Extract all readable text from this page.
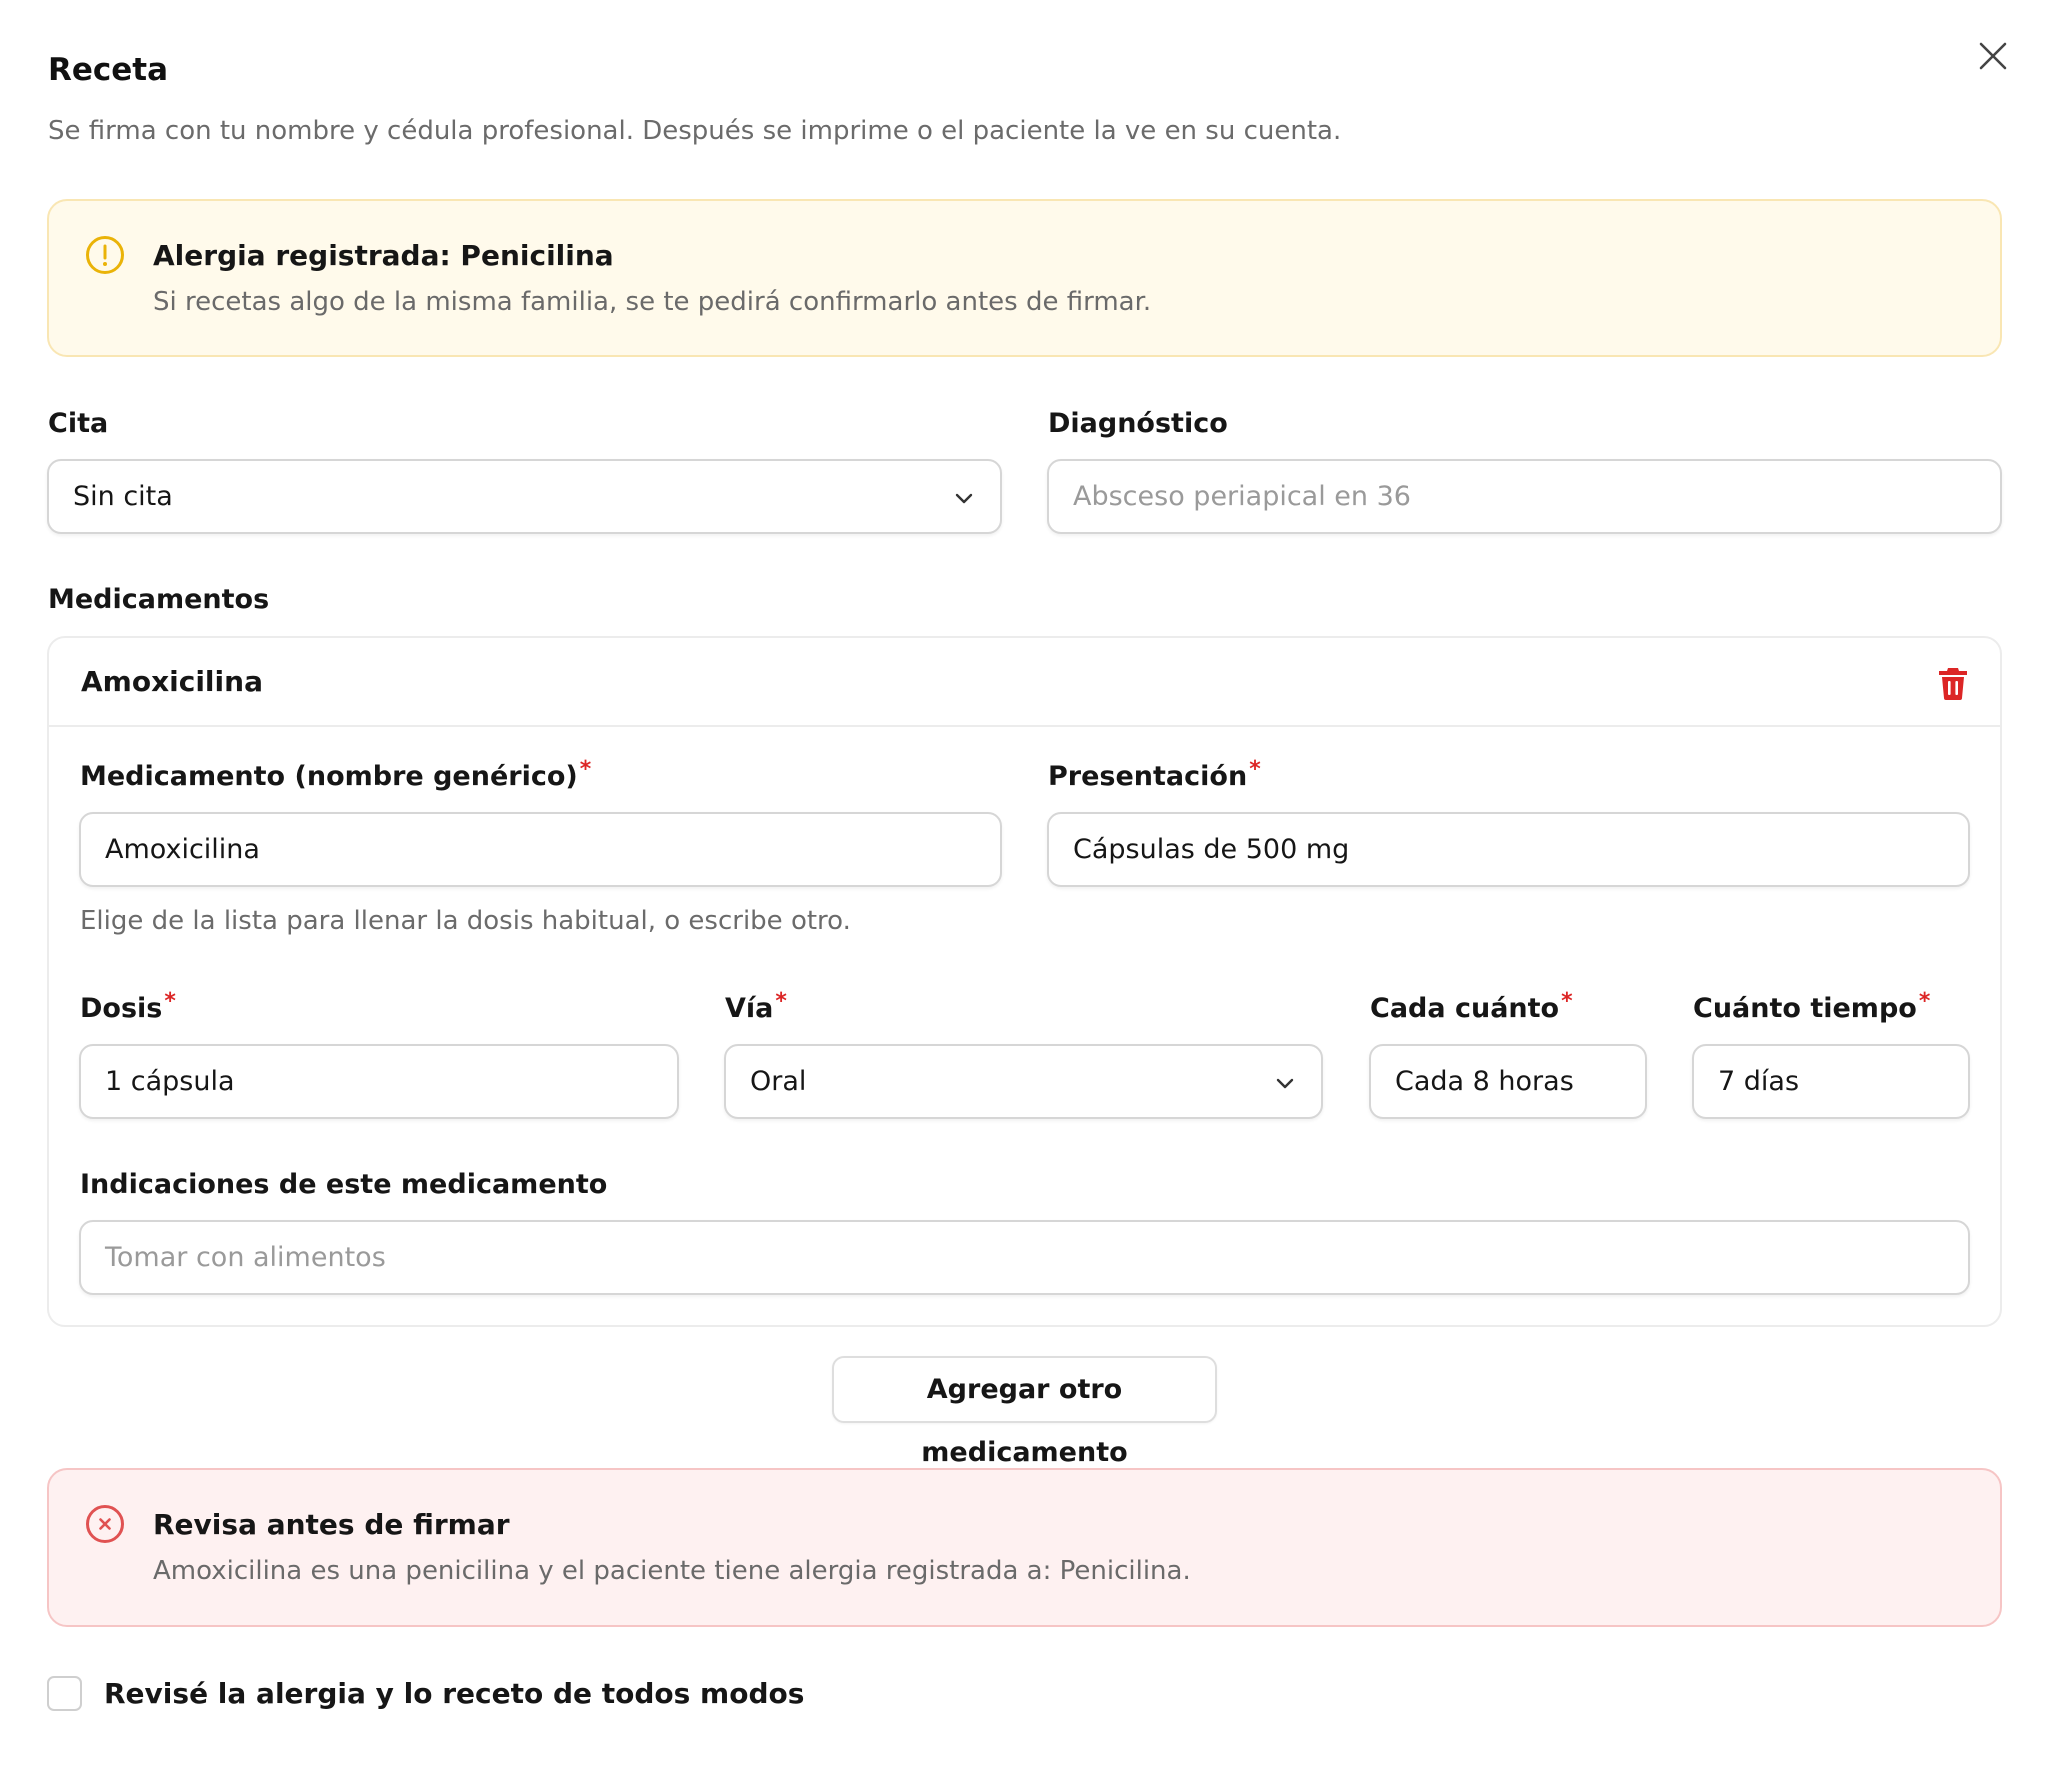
Receta
Se firma con tu nombre y cédula profesional. Después se imprime o el paciente la ve en su cuenta.
Alergia registrada: Penicilina
Si recetas algo de la misma familia, se te pedirá confirmarlo antes de firmar.
Cita
Sin cita
Diagnóstico
Absceso periapical en 36
Medicamentos
Amoxicilina
Medicamento (nombre genérico)*
Amoxicilina
Elige de la lista para llenar la dosis habitual, o escribe otro.
Presentación*
Cápsulas de 500 mg
Dosis*
1 cápsula
Vía*
Oral
Cada cuánto*
Cada 8 horas
Cuánto tiempo*
7 días
Indicaciones de este medicamento
Tomar con alimentos
Agregar otro medicamento
Revisa antes de firmar
Amoxicilina es una penicilina y el paciente tiene alergia registrada a: Penicilina.
Revisé la alergia y lo receto de todos modos
